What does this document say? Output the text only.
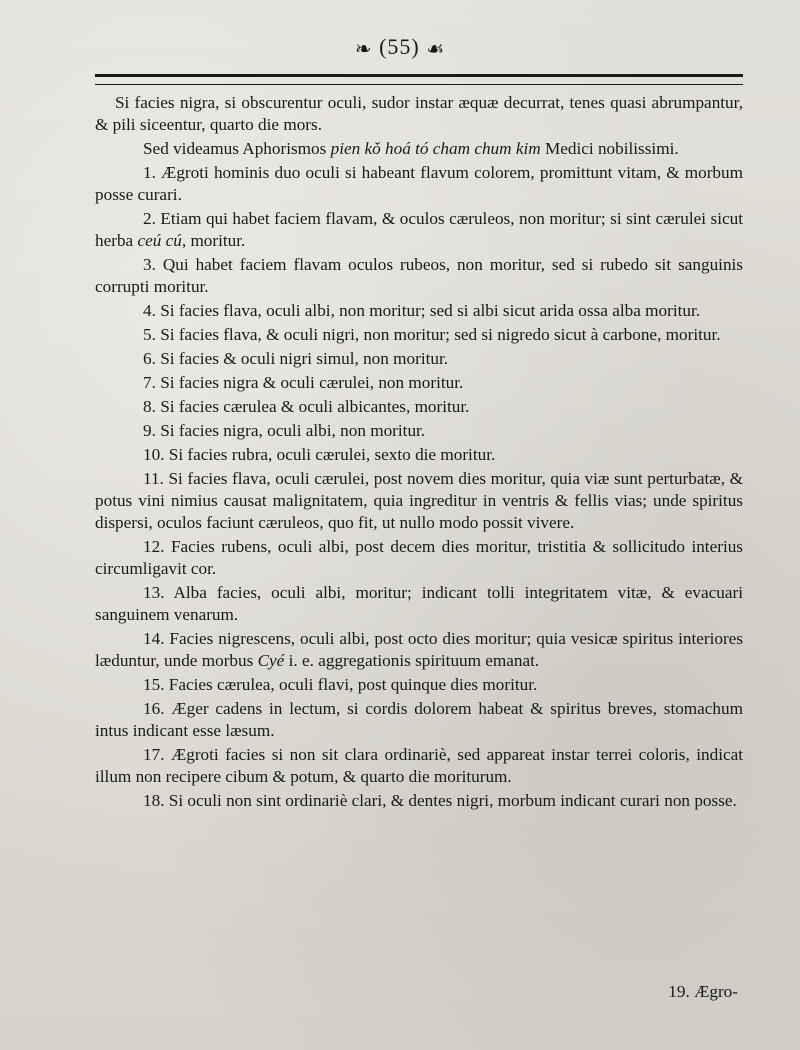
❧ (55) ☙

Si facies nigra, si obscurentur oculi, sudor instar æquæ decurrat, tenes quasi abrumpantur, & pili siceentur, quarto die mors.

Sed videamus Aphorismos pien kǒ hoá tó cham chum kim Medici nobilissimi.

1. Ægroti hominis duo oculi si habeant flavum colorem, promittunt vitam, & morbum posse curari.

2. Etiam qui habet faciem flavam, & oculos cæruleos, non moritur; si sint cærulei sicut herba ceú cú, moritur.

3. Qui habet faciem flavam oculos rubeos, non moritur, sed si rubedo sit sanguinis corrupti moritur.

4. Si facies flava, oculi albi, non moritur; sed si albi sicut arida ossa alba moritur.

5. Si facies flava, & oculi nigri, non moritur; sed si nigredo sicut à carbone, moritur.

6. Si facies & oculi nigri simul, non moritur.

7. Si facies nigra & oculi cærulei, non moritur.

8. Si facies cærulea & oculi albicantes, moritur.

9. Si facies nigra, oculi albi, non moritur.

10. Si facies rubra, oculi cærulei, sexto die moritur.

11. Si facies flava, oculi cærulei, post novem dies moritur, quia viæ sunt perturbatæ, & potus vini nimius causat malignitatem, quia ingreditur in ventris & fellis vias; unde spiritus dispersi, oculos faciunt cæruleos, quo fit, ut nullo modo possit vivere.

12. Facies rubens, oculi albi, post decem dies moritur, tristitia & sollicitudo interius circumligavit cor.

13. Alba facies, oculi albi, moritur; indicant tolli integritatem vitæ, & evacuari sanguinem venarum.

14. Facies nigrescens, oculi albi, post octo dies moritur; quia vesicæ spiritus interiores læduntur, unde morbus Cyé i. e. aggregationis spirituum emanat.

15. Facies cærulea, oculi flavi, post quinque dies moritur.

16. Æger cadens in lectum, si cordis dolorem habeat & spiritus breves, stomachum intus indicant esse læsum.

17. Ægroti facies si non sit clara ordinariè, sed appareat instar terrei coloris, indicat illum non recipere cibum & potum, & quarto die moriturum.

18. Si oculi non sint ordinariè clari, & dentes nigri, morbum indicant curari non posse.

19. Ægro-
